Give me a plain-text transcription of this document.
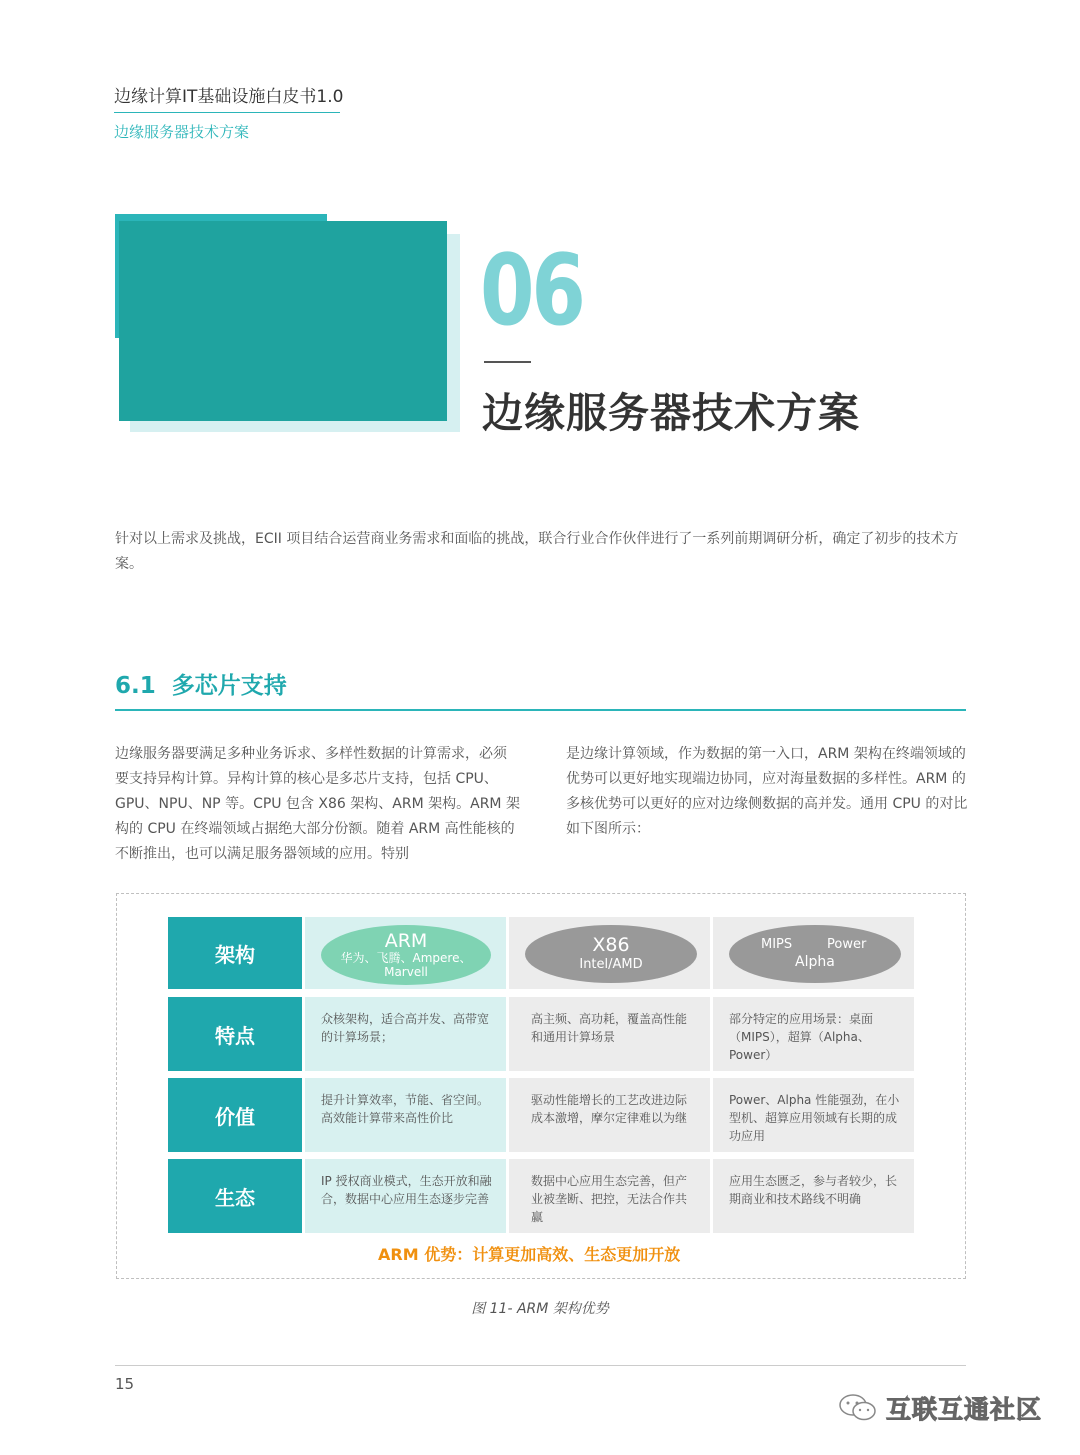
边缘计算IT基础设施白皮书1.0
边缘服务器技术方案
06
边缘服务器技术方案

针对以上需求及挑战，ECII 项目结合运营商业务需求和面临的挑战，联合行业合作伙伴进行了一系列前期调研分析，确定了初步的技术方案。

6.1 多芯片支持

边缘服务器要满足多种业务诉求、多样性数据的计算需求，必须要支持异构计算。异构计算的核心是多芯片支持，包括 CPU、GPU、NPU、NP 等。CPU 包含 X86 架构、ARM 架构。ARM 架构的 CPU 在终端领域占据绝大部分份额。随着 ARM 高性能核的不断推出，也可以满足服务器领域的应用。特别

是边缘计算领域，作为数据的第一入口，ARM 架构在终端领域的优势可以更好地实现端边协同，应对海量数据的多样性。ARM 的多核优势可以更好的应对边缘侧数据的高并发。通用 CPU 的对比如下图所示：

架构
ARM
华为、飞腾、Ampere、Marvell
X86
Intel/AMD
MIPS	Power
Alpha
特点
众核架构，适合高并发、高带宽的计算场景；
高主频、高功耗，覆盖高性能和通用计算场景
部分特定的应用场景：桌面（MIPS），超算（Alpha、Power）
价值
提升计算效率，节能、省空间。高效能计算带来高性价比
驱动性能增长的工艺改进边际成本激增，摩尔定律难以为继
Power、Alpha 性能强劲，在小型机、超算应用领域有长期的成功应用
生态
IP 授权商业模式，生态开放和融合，数据中心应用生态逐步完善
数据中心应用生态完善，但产业被垄断、把控，无法合作共赢
应用生态匮乏，参与者较少，长期商业和技术路线不明确
ARM 优势：计算更加高效、生态更加开放
图 11- ARM 架构优势
15
互联互通社区
